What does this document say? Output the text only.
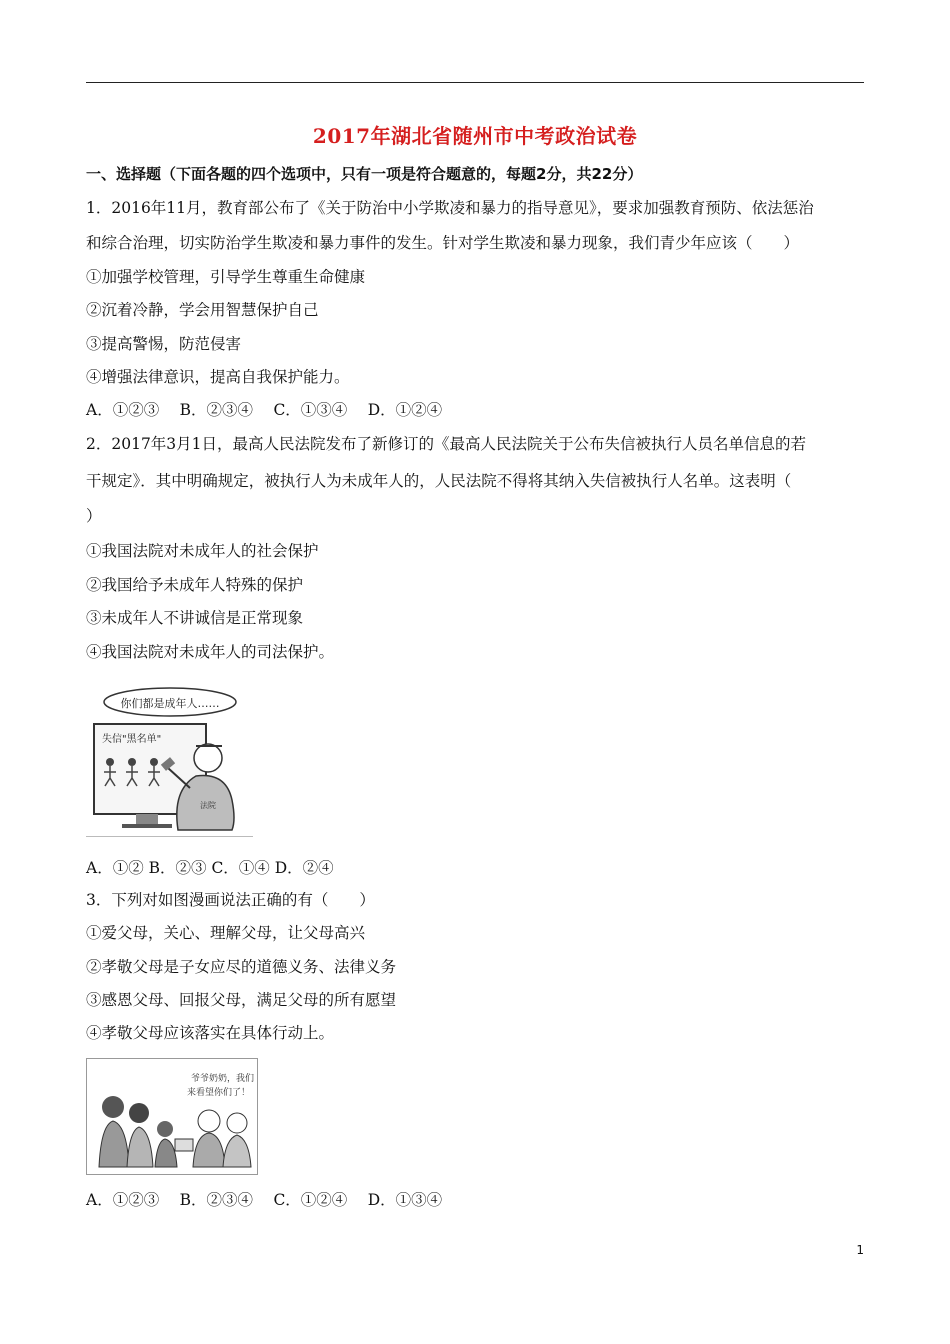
2017年湖北省随州市中考政治试卷
一、选择题（下面各题的四个选项中，只有一项是符合题意的，每题2分，共22分）
1．2016年11月，教育部公布了《关于防治中小学欺凌和暴力的指导意见》，要求加强教育预防、依法惩治
和综合治理，切实防治学生欺凌和暴力事件的发生。针对学生欺凌和暴力现象，我们青少年应该（　　）
①加强学校管理，引导学生尊重生命健康
②沉着冷静，学会用智慧保护自己
③提高警惕，防范侵害
④增强法律意识，提高自我保护能力。
A．①②③　 B．②③④　 C．①③④　 D．①②④
2．2017年3月1日，最高人民法院发布了新修订的《最高人民法院关于公布失信被执行人员名单信息的若
干规定》．其中明确规定，被执行人为未成年人的，人民法院不得将其纳入失信被执行人名单。这表明（
）
①我国法院对未成年人的社会保护
②我国给予未成年人特殊的保护
③未成年人不讲诚信是正常现象
④我国法院对未成年人的司法保护。
你们都是成年人……
失信"黑名单"
法院
A．①② B．②③ C．①④ D．②④
3．下列对如图漫画说法正确的有（　　）
①爱父母，关心、理解父母，让父母高兴
②孝敬父母是子女应尽的道德义务、法律义务
③感恩父母、回报父母，满足父母的所有愿望
④孝敬父母应该落实在具体行动上。
爷爷奶奶，我们
来看望你们了！
A．①②③　 B．②③④　 C．①②④　 D．①③④
1
